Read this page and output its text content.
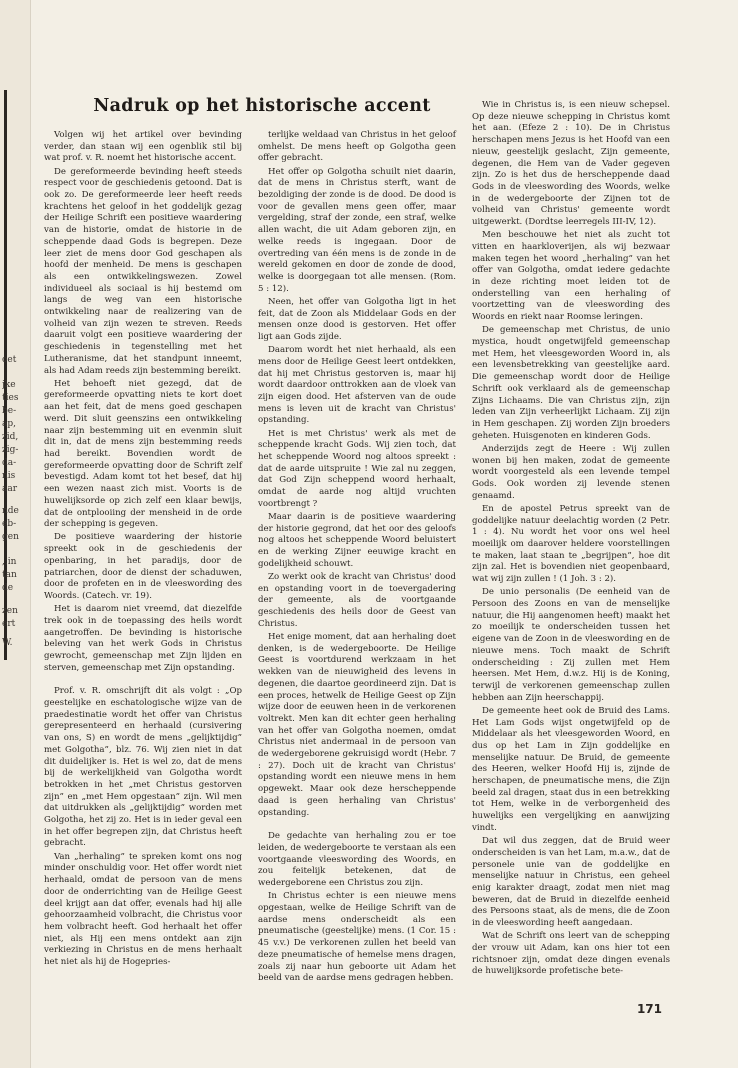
oet
jke
ties
be-
ap,
zid,
zig-
da-
nis
aar
nde
eb-
gen
,,in
tan
de
zen
ert
W.
Nadruk op het historische accent

Volgen wij het artikel over bevinding verder, dan staan wij een ogenblik stil bij wat prof. v. R. noemt het historische accent.

De gereformeerde bevinding heeft steeds respect voor de geschiedenis getoond. Dat is ook zo. De gereformeerde leer heeft reeds krachtens het geloof in het goddelijk gezag der Heilige Schrift een positieve waardering van de historie, omdat de historie in de scheppende daad Gods is begrepen. Deze leer ziet de mens door God geschapen als hoofd der menheid. De mens is geschapen als een ontwikkelingswezen. Zowel individueel als sociaal is hij bestemd om langs de weg van een historische ontwikkeling naar de realizering van de volheid van zijn wezen te streven. Reeds daaruit volgt een positieve waardering der geschiedenis in tegenstelling met het Lutheranisme, dat het standpunt inneemt, als had Adam reeds zijn bestemming bereikt.

Het behoeft niet gezegd, dat de gereformeerde opvatting niets te kort doet aan het feit, dat de mens goed geschapen werd. Dit sluit geenszins een ontwikkeling naar zijn bestemming uit en evenmin sluit dit in, dat de mens zijn bestemming reeds had bereikt. Bovendien wordt de gereformeerde opvatting door de Schrift zelf bevestigd. Adam komt tot het besef, dat hij een wezen naast zich mist. Voorts is de huwelijksorde op zich zelf een klaar bewijs, dat de ontplooiing der mensheid in de orde der schepping is gegeven.

De positieve waardering der historie spreekt ook in de geschiedenis der openbaring, in het paradijs, door de patriarchen, door de dienst der schaduwen, door de profeten en in de vleeswording des Woords. (Catech. vr. 19).

Het is daarom niet vreemd, dat diezelfde trek ook in de toepassing des heils wordt aangetroffen. De bevinding is historische beleving van het werk Gods in Christus gewrocht, gemeenschap met Zijn lijden en sterven, gemeenschap met Zijn opstanding.

Prof. v. R. omschrijft dit als volgt : „Op geestelijke en eschatologische wijze van de praedestinatie wordt het offer van Christus gerepresenteerd en herhaald (cursivering van ons, S) en wordt de mens „gelijktijdig” met Golgotha”, blz. 76. Wij zien niet in dat dit duidelijker is. Het is wel zo, dat de mens bij de werkelijkheid van Golgotha wordt betrokken in het „met Christus gestorven zijn” en „met Hem opgestaan” zijn. Wil men dat uitdrukken als „gelijktijdig” worden met Golgotha, het zij zo. Het is in ieder geval een in het offer begrepen zijn, dat Christus heeft gebracht.

Van „herhaling” te spreken komt ons nog minder onschuldig voor. Het offer wordt niet herhaald, omdat de persoon van de mens door de onderrichting van de Heilige Geest deel krijgt aan dat offer, evenals had hij alle gehoorzaamheid volbracht, die Christus voor hem volbracht heeft. God herhaalt het offer niet, als Hij een mens ontdekt aan zijn verkiezing in Christus en de mens herhaalt het niet als hij de Hogepries-

terlijke weldaad van Christus in het geloof omhelst. De mens heeft op Golgotha geen offer gebracht.

Het offer op Golgotha schuilt niet daarin, dat de mens in Christus sterft, want de bezoldiging der zonde is de dood. De dood is voor de gevallen mens geen offer, maar vergelding, straf der zonde, een straf, welke allen wacht, die uit Adam geboren zijn, en welke reeds is ingegaan. Door de overtreding van één mens is de zonde in de wereld gekomen en door de zonde de dood, welke is doorgegaan tot alle mensen. (Rom. 5 : 12).

Neen, het offer van Golgotha ligt in het feit, dat de Zoon als Middelaar Gods en der mensen onze dood is gestorven. Het offer ligt aan Gods zijde.

Daarom wordt het niet herhaald, als een mens door de Heilige Geest leert ontdekken, dat hij met Christus gestorven is, maar hij wordt daardoor onttrokken aan de vloek van zijn eigen dood. Het afsterven van de oude mens is leven uit de kracht van Christus' opstanding.

Het is met Christus' werk als met de scheppende kracht Gods. Wij zien toch, dat het scheppende Woord nog altoos spreekt : dat de aarde uitspruite ! Wie zal nu zeggen, dat God Zijn scheppend woord herhaalt, omdat de aarde nog altijd vruchten voortbrengt ?

Maar daarin is de positieve waardering der historie gegrond, dat het oor des geloofs nog altoos het scheppende Woord beluistert en de werking Zijner eeuwige kracht en godelijkheid schouwt.

Zo werkt ook de kracht van Christus' dood en opstanding voort in de toevergadering der gemeente, als de voortgaande geschiedenis des heils door de Geest van Christus.

Het enige moment, dat aan herhaling doet denken, is de wedergeboorte. De Heilige Geest is voortdurend werkzaam in het wekken van de nieuwigheid des levens in degenen, die daartoe geordineerd zijn. Dat is een proces, hetwelk de Heilige Geest op Zijn wijze door de eeuwen heen in de verkorenen voltrekt. Men kan dit echter geen herhaling van het offer van Golgotha noemen, omdat Christus niet andermaal in de persoon van de wedergeborene gekruisigd wordt (Hebr. 7 : 27). Doch uit de kracht van Christus' opstanding wordt een nieuwe mens in hem opgewekt. Maar ook deze herscheppende daad is geen herhaling van Christus' opstanding.

De gedachte van herhaling zou er toe leiden, de wedergeboorte te verstaan als een voortgaande vleeswording des Woords, en zou feitelijk betekenen, dat de wedergeborene een Christus zou zijn.

In Christus echter is een nieuwe mens opgestaan, welke de Heilige Schrift van de aardse mens onderscheidt als een pneumatische (geestelijke) mens. (1 Cor. 15 : 45 v.v.) De verkorenen zullen het beeld van deze pneumatische of hemelse mens dragen, zoals zij naar hun geboorte uit Adam het beeld van de aardse mens gedragen hebben.

Wie in Christus is, is een nieuw schepsel. Op deze nieuwe schepping in Christus komt het aan. (Efeze 2 : 10). De in Christus herschapen mens Jezus is het Hoofd van een nieuw, geestelijk geslacht, Zijn gemeente, degenen, die Hem van de Vader gegeven zijn. Zo is het dus de herscheppende daad Gods in de vleeswording des Woords, welke in de wedergeboorte der Zijnen tot de volheid van Christus' gemeente wordt uitgewerkt. (Dordtse leerregels III-IV, 12).

Men beschouwe het niet als zucht tot vitten en haarkloverijen, als wij bezwaar maken tegen het woord „herhaling” van het offer van Golgotha, omdat iedere gedachte in deze richting moet leiden tot de onderstelling van een herhaling of voortzetting van de vleeswording des Woords en riekt naar Roomse leringen.

De gemeenschap met Christus, de unio mystica, houdt ongetwijfeld gemeenschap met Hem, het vleesgeworden Woord in, als een levensbetrekking van geestelijke aard. Die gemeenschap wordt door de Heilige Schrift ook verklaard als de gemeenschap Zijns Lichaams. Die van Christus zijn, zijn leden van Zijn verheerlijkt Lichaam. Zij zijn in Hem geschapen. Zij worden Zijn broeders geheten. Huisgenoten en kinderen Gods.

Anderzijds zegt de Heere : Wij zullen wonen bij hen maken, zodat de gemeente wordt voorgesteld als een levende tempel Gods. Ook worden zij levende stenen genaamd.

En de apostel Petrus spreekt van de goddelijke natuur deelachtig worden (2 Petr. 1 : 4). Nu wordt het voor ons wel heel moeilijk om daarover heldere voorstellingen te maken, laat staan te „begrijpen”, hoe dit zijn zal. Het is bovendien niet geopenbaard, wat wij zijn zullen ! (1 Joh. 3 : 2).

De unio personalis (De eenheid van de Persoon des Zoons en van de menselijke natuur, die Hij aangenomen heeft) maakt het zo moeilijk te onderscheiden tussen het eigene van de Zoon in de vleeswording en de nieuwe mens. Toch maakt de Schrift onderscheiding : Zij zullen met Hem heersen. Met Hem, d.w.z. Hij is de Koning, terwijl de verkorenen gemeenschap zullen hebben aan Zijn heerschappij.

De gemeente heet ook de Bruid des Lams. Het Lam Gods wijst ongetwijfeld op de Middelaar als het vleesgeworden Woord, en dus op het Lam in Zijn goddelijke en menselijke natuur. De Bruid, de gemeente des Heeren, welker Hoofd Hij is, zijnde de herschapen, de pneumatische mens, die Zijn beeld zal dragen, staat dus in een betrekking tot Hem, welke in de verborgenheid des huwelijks een vergelijking en aanwijzing vindt.

Dat wil dus zeggen, dat de Bruid weer onderscheiden is van het Lam, m.a.w., dat de personele unie van de goddelijke en menselijke natuur in Christus, een geheel enig karakter draagt, zodat men niet mag beweren, dat de Bruid in diezelfde eenheid des Persoons staat, als de mens, die de Zoon in de vleeswording heeft aangedaan.

Wat de Schrift ons leert van de schepping der vrouw uit Adam, kan ons hier tot een richtsnoer zijn, omdat deze dingen evenals de huwelijksorde profetische bete-

171
